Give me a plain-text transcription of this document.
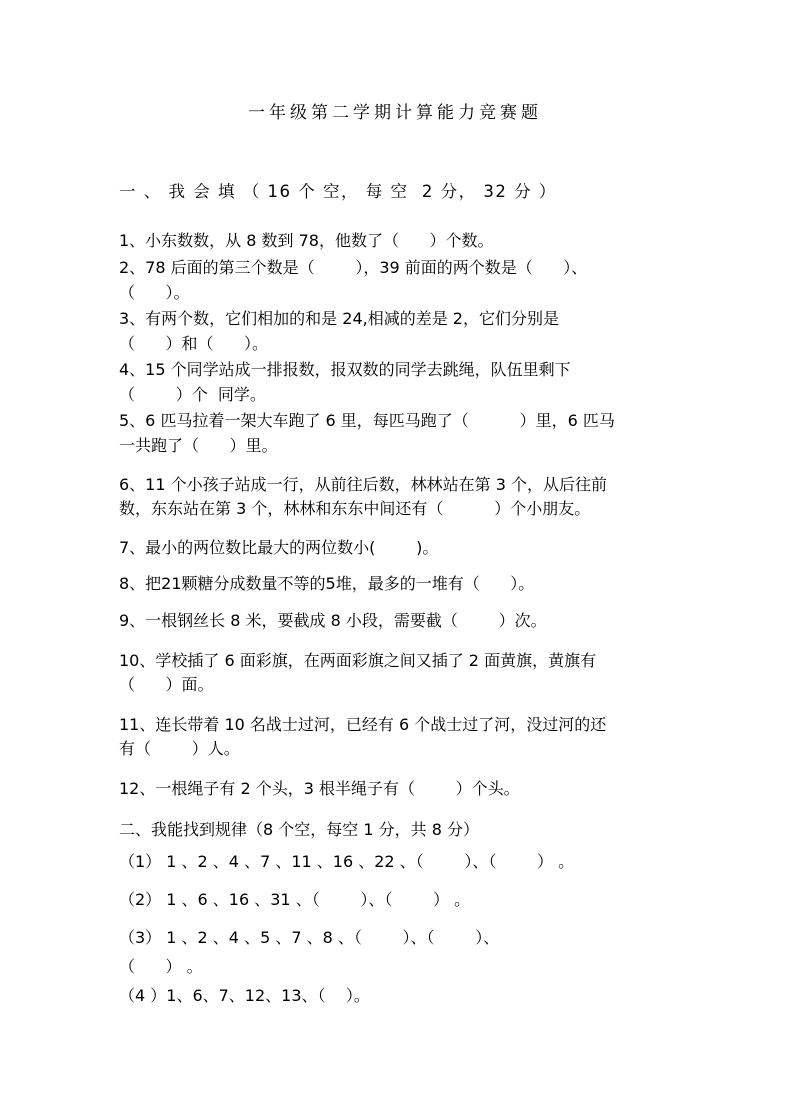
一年级第二学期计算能力竞赛题
一 、 我 会 填 （ 16 个 空， 每 空  2 分， 32 分 ）
1、小东数数，从 8 数到 78，他数了（      ）个数。
2、78 后面的第三个数是（        ），39 前面的两个数是（      ）、
（      ）。
3、有两个数，它们相加的和是 24,相减的差是 2，它们分别是
（      ）和（      ）。
4、15 个同学站成一排报数，报双数的同学去跳绳，队伍里剩下
（        ）个  同学。
5、6 匹马拉着一架大车跑了 6 里，每匹马跑了（          ）里，6 匹马
一共跑了（      ）里。
6、11 个小孩子站成一行，从前往后数，林林站在第 3 个，从后往前
数，东东站在第 3 个，林林和东东中间还有（          ）个小朋友。
7、最小的两位数比最大的两位数小(        )。
8、把21颗糖分成数量不等的5堆，最多的一堆有（      ）。
9、一根钢丝长 8 米，要截成 8 小段，需要截（        ）次。
10、学校插了 6 面彩旗，在两面彩旗之间又插了 2 面黄旗，黄旗有
（      ）面。
11、连长带着 10 名战士过河，已经有 6 个战士过了河，没过河的还
有（        ）人。
12、一根绳子有 2 个头，3 根半绳子有（        ）个头。
二、我能找到规律（8 个空，每空 1 分，共 8 分）
（1） 1 、2 、4 、7 、11 、16 、22 、（        ）、（        ） 。
（2） 1 、6 、16 、31 、（        ）、（        ） 。
（3） 1 、2 、4 、5 、7 、8 、（        ）、（        ）、
（      ） 。
（4 ）1、6、7、12、13、（    ）。
